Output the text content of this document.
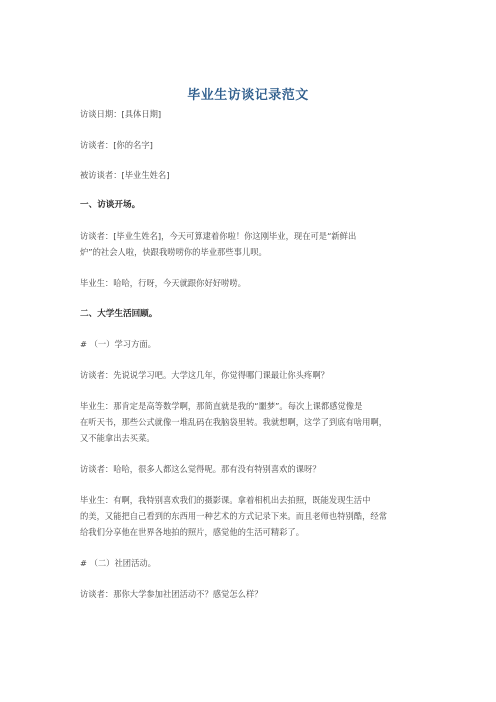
毕业生访谈记录范文
访谈日期：[具体日期]
访谈者：[你的名字]
被访谈者：[毕业生姓名]
一、访谈开场。
访谈者：[毕业生姓名]，今天可算逮着你啦！你这刚毕业，现在可是“新鲜出
炉”的社会人啦，快跟我唠唠你的毕业那些事儿呗。
毕业生：哈哈，行呀，今天就跟你好好唠唠。
二、大学生活回顾。
# （一）学习方面。
访谈者：先说说学习吧。大学这几年，你觉得哪门课最让你头疼啊？
毕业生：那肯定是高等数学啊，那简直就是我的“噩梦”。每次上课都感觉像是
在听天书，那些公式就像一堆乱码在我脑袋里转。我就想啊，这学了到底有啥用啊，
又不能拿出去买菜。
访谈者：哈哈，很多人都这么觉得呢。那有没有特别喜欢的课呀？
毕业生：有啊，我特别喜欢我们的摄影课。拿着相机出去拍照，既能发现生活中
的美，又能把自己看到的东西用一种艺术的方式记录下来。而且老师也特别酷，经常
给我们分享他在世界各地拍的照片，感觉他的生活可精彩了。
# （二）社团活动。
访谈者：那你大学参加社团活动不？感觉怎么样？
